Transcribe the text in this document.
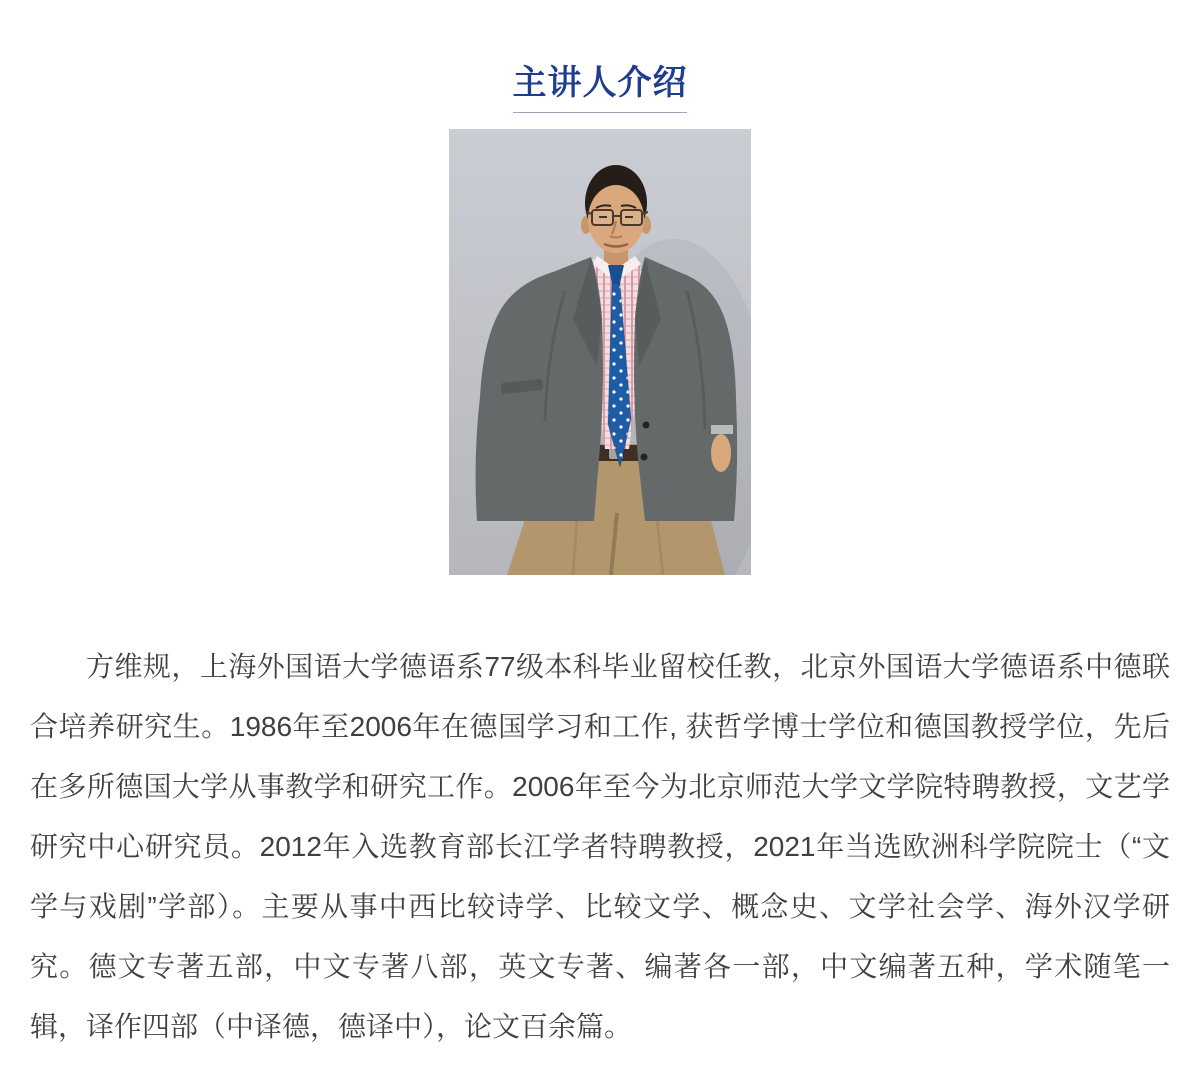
主讲人介绍

方维规，上海外国语大学德语系77级本科毕业留校任教，北京外国语大学德语系中德联合培养研究生。1986年至2006年在德国学习和工作, 获哲学博士学位和德国教授学位，先后在多所德国大学从事教学和研究工作。2006年至今为北京师范大学文学院特聘教授，文艺学研究中心研究员。2012年入选教育部长江学者特聘教授，2021年当选欧洲科学院院士（“文学与戏剧”学部）。主要从事中西比较诗学、比较文学、概念史、文学社会学、海外汉学研究。德文专著五部，中文专著八部，英文专著、编著各一部，中文编著五种，学术随笔一辑，译作四部（中译德，德译中），论文百余篇。
